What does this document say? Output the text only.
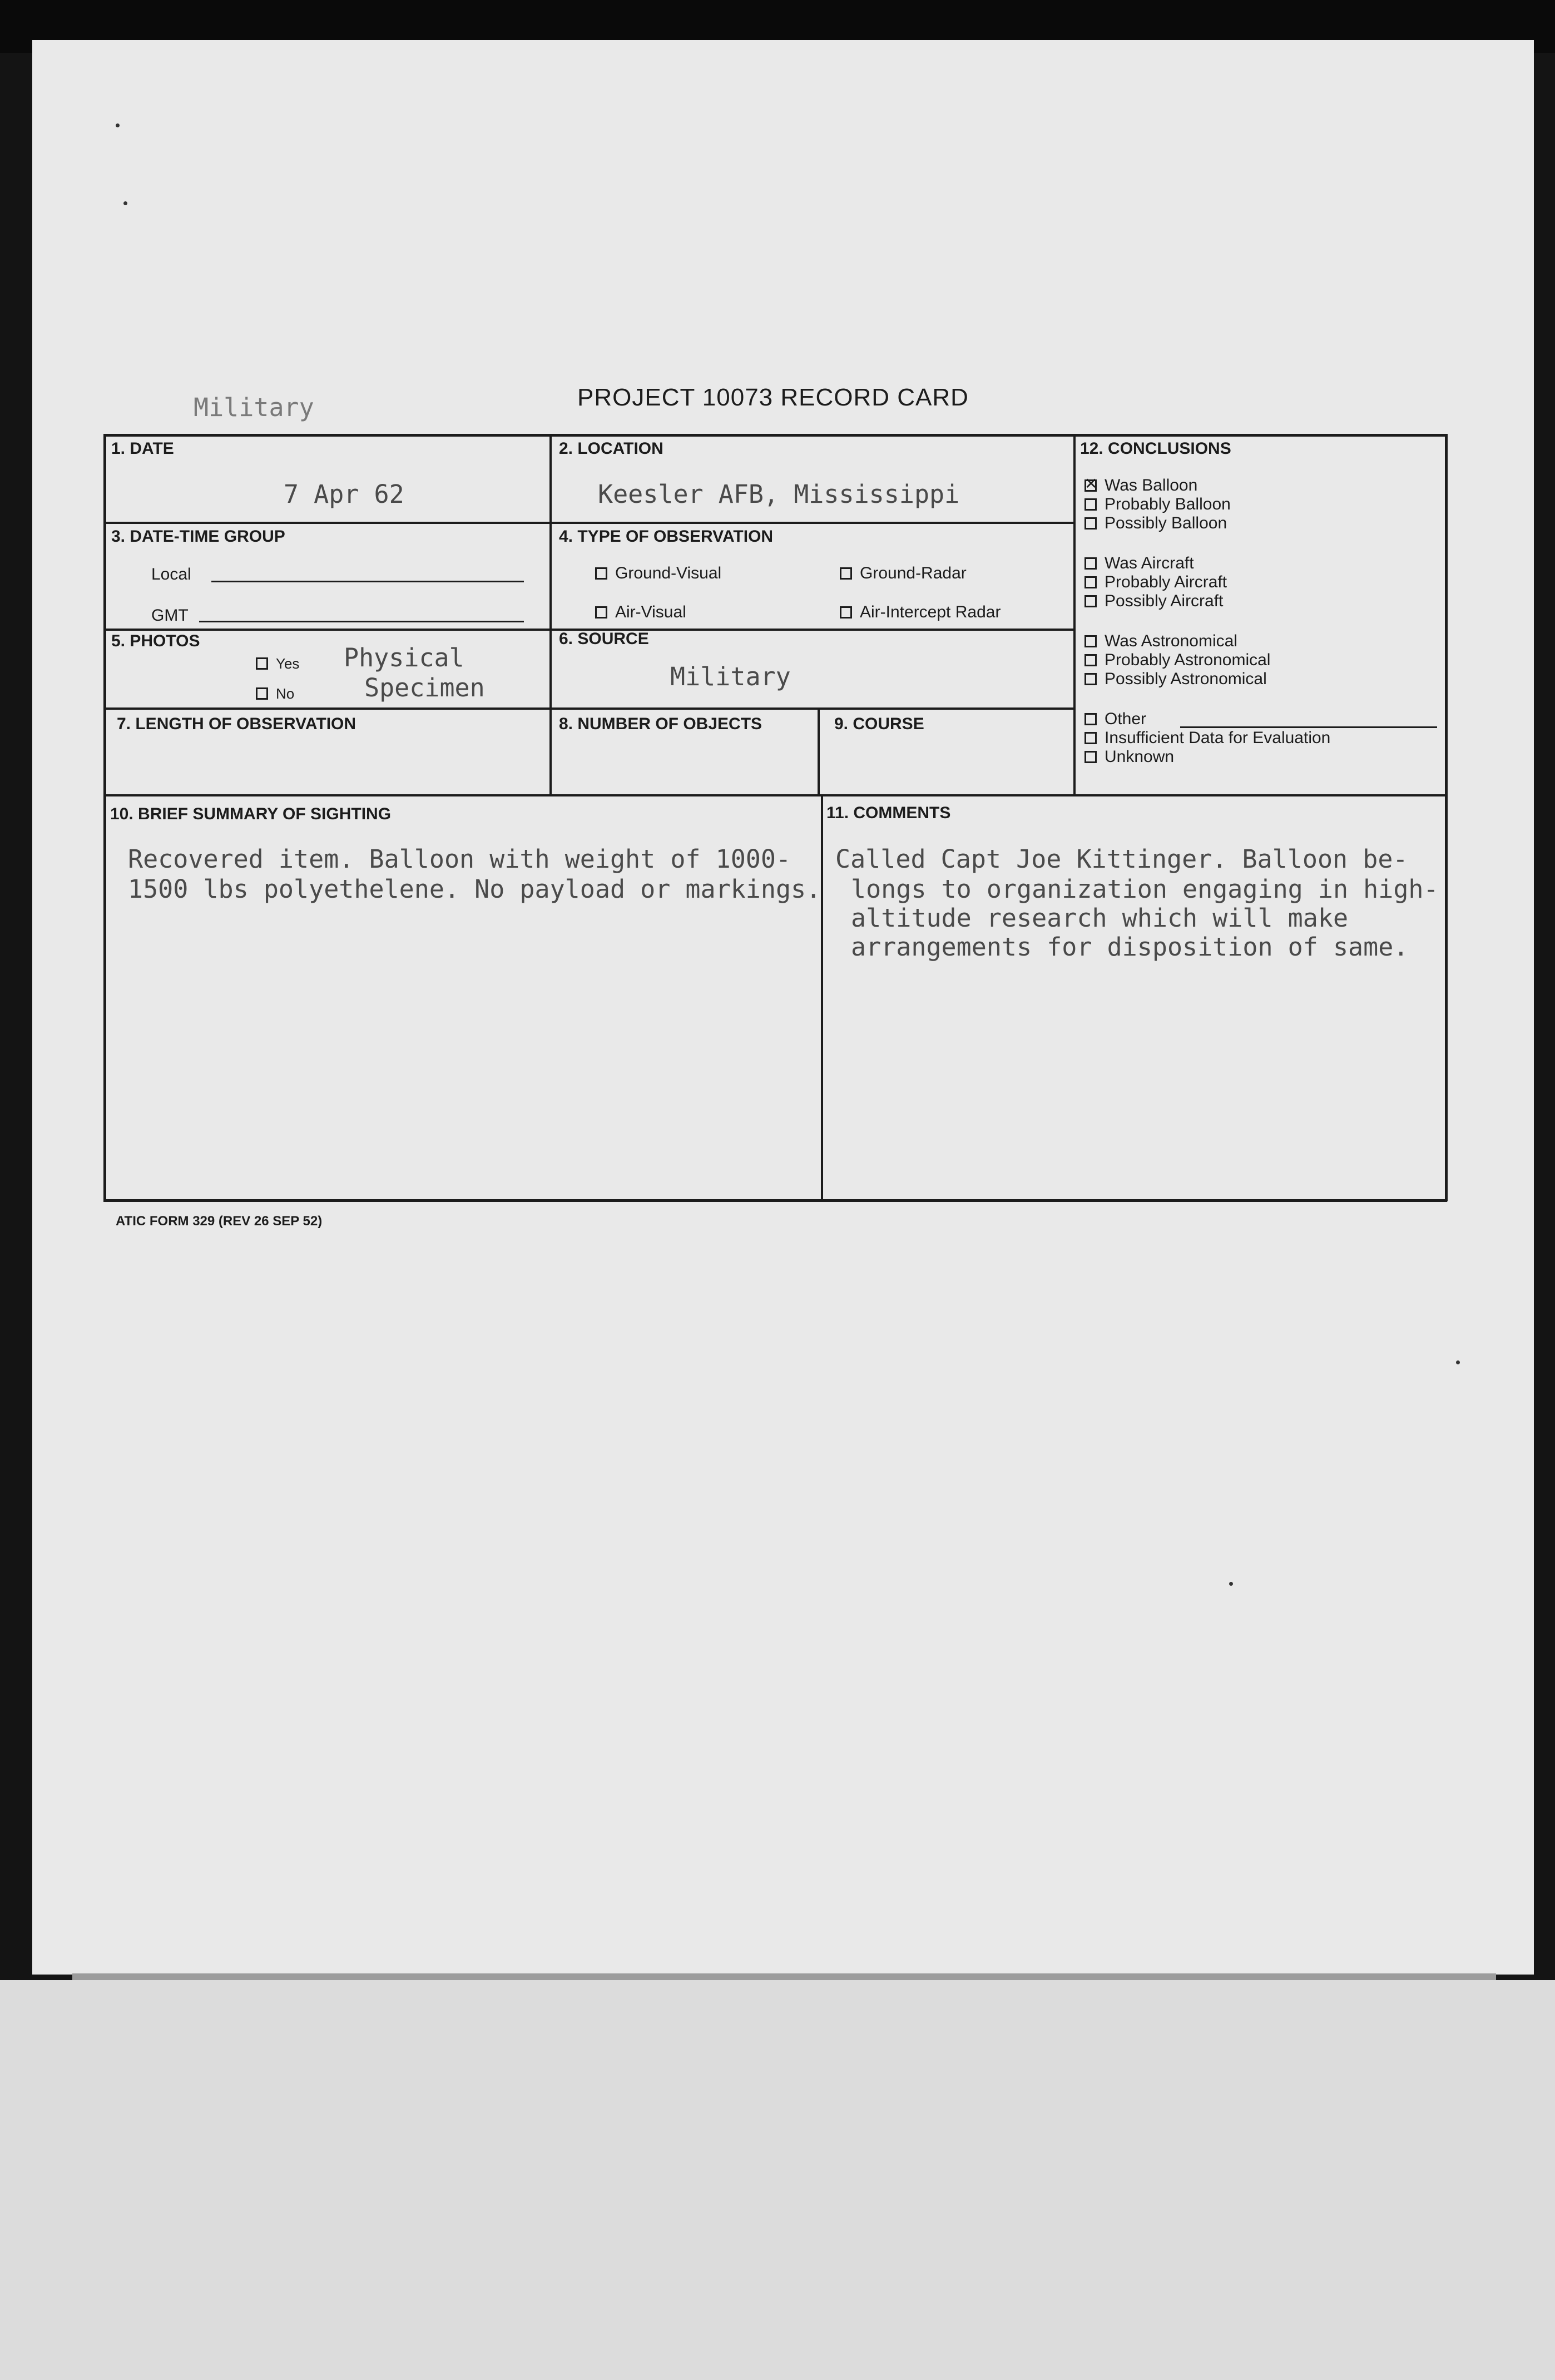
Military	PROJECT 10073 RECORD CARD
1. DATE
7 Apr 62
2. LOCATION
Keesler AFB, Mississippi
3. DATE-TIME GROUP
Local
GMT
4. TYPE OF OBSERVATION
Ground-Visual	Ground-Radar
Air-Visual	Air-Intercept Radar
5. PHOTOS
Yes
No
Physical
Specimen
6. SOURCE
Military
7. LENGTH OF OBSERVATION	8. NUMBER OF OBJECTS	9. COURSE
10. BRIEF SUMMARY OF SIGHTING
Recovered item. Balloon with weight of 1000-
1500 lbs polyethelene. No payload or markings.
11. COMMENTS
Called Capt Joe Kittinger. Balloon be-
longs to organization engaging in high-
altitude research which will make
arrangements for disposition of same.
12. CONCLUSIONS
✕Was Balloon
Probably Balloon
Possibly Balloon
Was Aircraft
Probably Aircraft
Possibly Aircraft
Was Astronomical
Probably Astronomical
Possibly Astronomical
Other
Insufficient Data for Evaluation
Unknown
ATIC FORM 329 (REV 26 SEP 52)
